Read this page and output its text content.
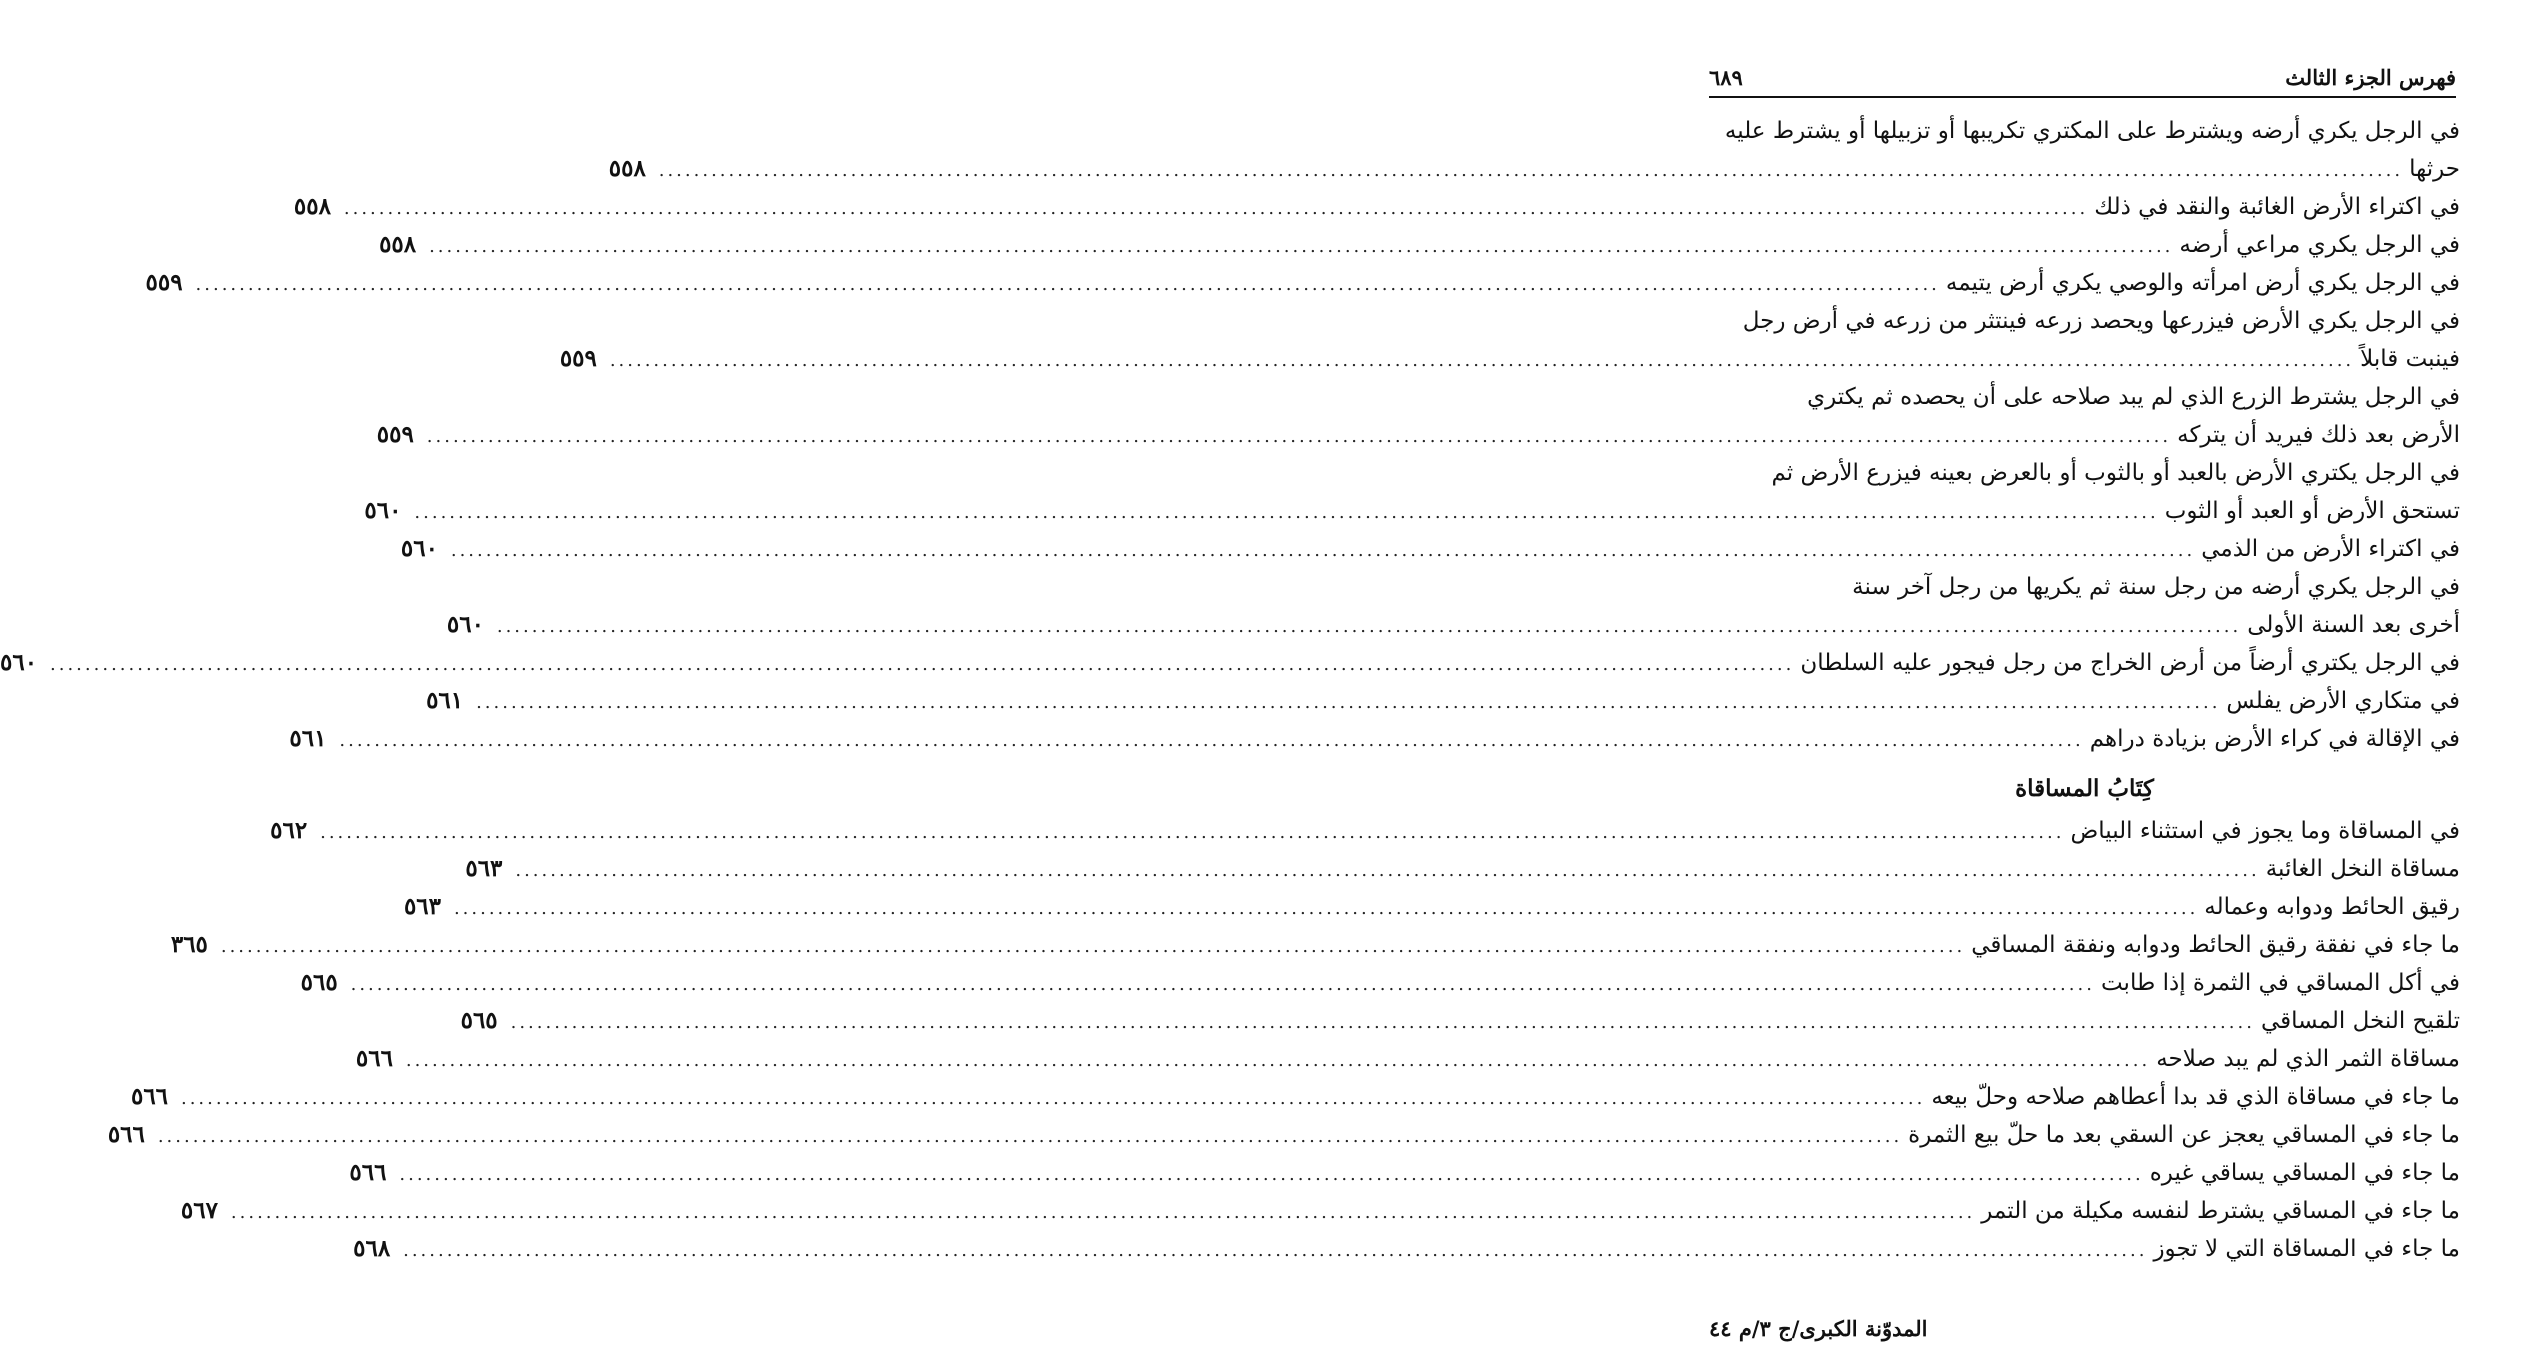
فهرس الجزء الثالث
٦٨٩
في الرجل يكري أرضه ويشترط على المكتري تكريبها أو تزبيلها أو يشترط عليه
حرثها
........................................................................................................................................................................................................
٥٥٨
في اكتراء الأرض الغائبة والنقد في ذلك
........................................................................................................................................................................................................
٥٥٨
في الرجل يكري مراعي أرضه
........................................................................................................................................................................................................
٥٥٨
في الرجل يكري أرض امرأته والوصي يكري أرض يتيمه
........................................................................................................................................................................................................
٥٥٩
في الرجل يكري الأرض فيزرعها ويحصد زرعه فينتثر من زرعه في أرض رجل
فينبت قابلاً
........................................................................................................................................................................................................
٥٥٩
في الرجل يشترط الزرع الذي لم يبد صلاحه على أن يحصده ثم يكتري
الأرض بعد ذلك فيريد أن يتركه
........................................................................................................................................................................................................
٥٥٩
في الرجل يكتري الأرض بالعبد أو بالثوب أو بالعرض بعينه فيزرع الأرض ثم
تستحق الأرض أو العبد أو الثوب
........................................................................................................................................................................................................
٥٦٠
في اكتراء الأرض من الذمي
........................................................................................................................................................................................................
٥٦٠
في الرجل يكري أرضه من رجل سنة ثم يكريها من رجل آخر سنة
أخرى بعد السنة الأولى
........................................................................................................................................................................................................
٥٦٠
في الرجل يكتري أرضاً من أرض الخراج من رجل فيجور عليه السلطان
........................................................................................................................................................................................................
٥٦٠
في متكاري الأرض يفلس
........................................................................................................................................................................................................
٥٦١
في الإقالة في كراء الأرض بزيادة دراهم
........................................................................................................................................................................................................
٥٦١
كِتَابُ المساقاة
في المساقاة وما يجوز في استثناء البياض
........................................................................................................................................................................................................
٥٦٢
مساقاة النخل الغائبة
........................................................................................................................................................................................................
٥٦٣
رقيق الحائط ودوابه وعماله
........................................................................................................................................................................................................
٥٦٣
ما جاء في نفقة رقيق الحائط ودوابه ونفقة المساقي
........................................................................................................................................................................................................
٣٦٥
في أكل المساقي في الثمرة إذا طابت
........................................................................................................................................................................................................
٥٦٥
تلقيح النخل المساقي
........................................................................................................................................................................................................
٥٦٥
مساقاة الثمر الذي لم يبد صلاحه
........................................................................................................................................................................................................
٥٦٦
ما جاء في مساقاة الذي قد بدا أعطاهم صلاحه وحلّ بيعه
........................................................................................................................................................................................................
٥٦٦
ما جاء في المساقي يعجز عن السقي بعد ما حلّ بيع الثمرة
........................................................................................................................................................................................................
٥٦٦
ما جاء في المساقي يساقي غيره
........................................................................................................................................................................................................
٥٦٦
ما جاء في المساقي يشترط لنفسه مكيلة من التمر
........................................................................................................................................................................................................
٥٦٧
ما جاء في المساقاة التي لا تجوز
........................................................................................................................................................................................................
٥٦٨
المدوّنة الكبرى/ج ٣/م ٤٤
